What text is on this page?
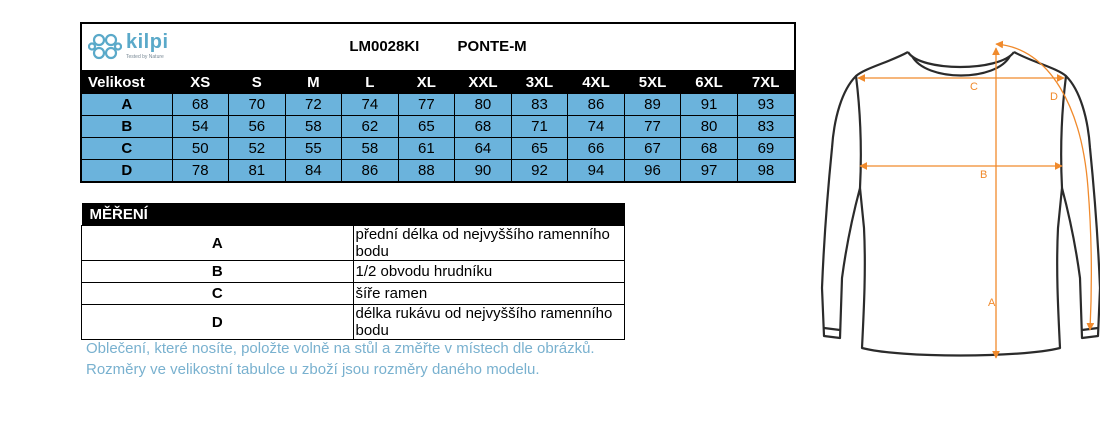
kilpi
Tested by Nature
LM0028KI	PONTE-M
Velikost	XS	S	M	L	XL	XXL	3XL	4XL	5XL	6XL	7XL
A	68	70	72	74	77	80	83	86	89	91	93
B	54	56	58	62	65	68	71	74	77	80	83
C	50	52	55	58	61	64	65	66	67	68	69
D	78	81	84	86	88	90	92	94	96	97	98
MĚŘENÍ	
A	přední délka od nejvyššího ramenního bodu
B	1/2 obvodu hrudníku
C	šíře ramen
D	délka rukávu od nejvyššího ramenního bodu
Oblečení, které nosíte, položte volně na stůl a změřte v místech dle obrázků.
Rozměry ve velikostní tabulce u zboží jsou rozměry daného modelu.
C
B
A
D
